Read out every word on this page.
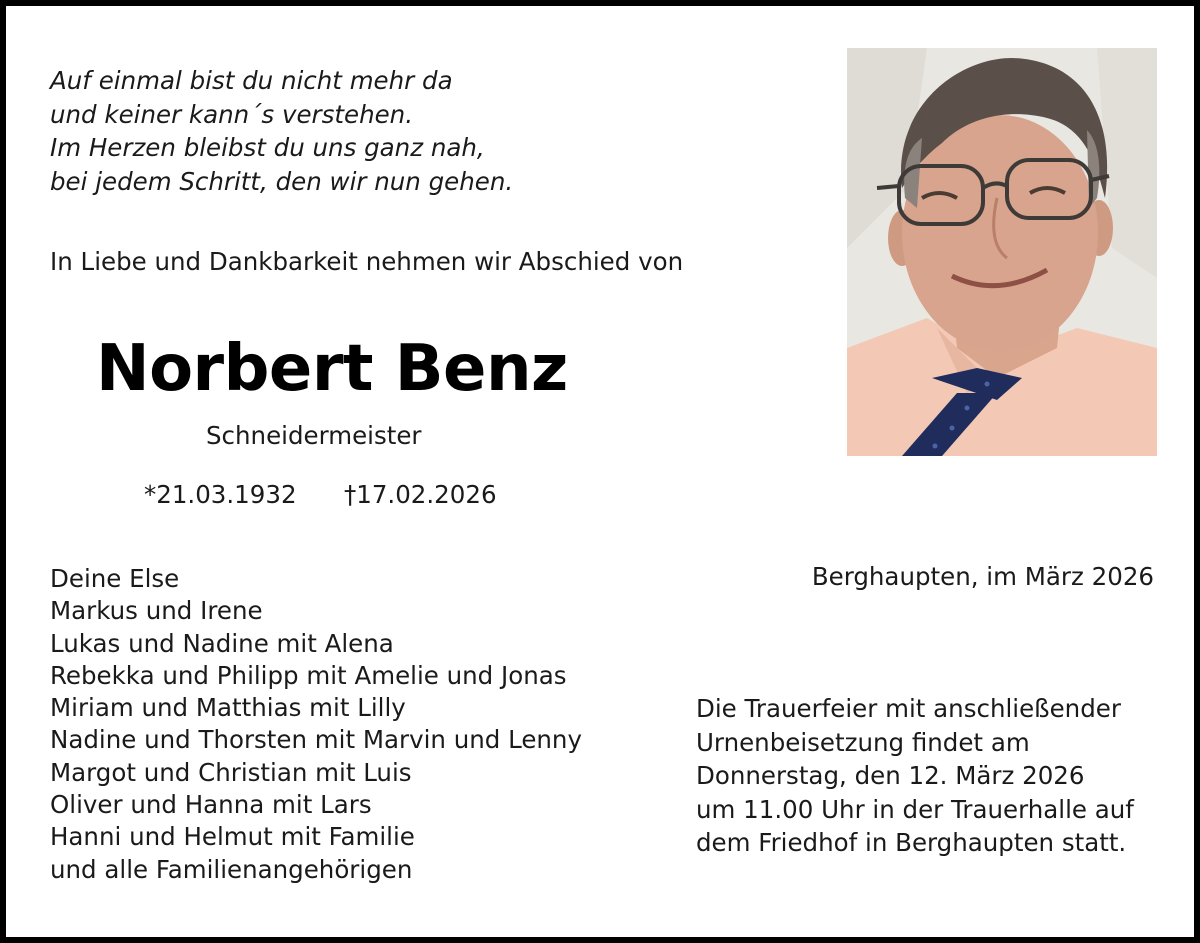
Auf einmal bist du nicht mehr da
und keiner kann´s verstehen.
Im Herzen bleibst du uns ganz nah,
bei jedem Schritt, den wir nun gehen.
In Liebe und Dankbarkeit nehmen wir Abschied von
Norbert Benz
Schneidermeister
*21.03.1932 †17.02.2026
Deine Else
Markus und Irene
Lukas und Nadine mit Alena
Rebekka und Philipp mit Amelie und Jonas
Miriam und Matthias mit Lilly
Nadine und Thorsten mit Marvin und Lenny
Margot und Christian mit Luis
Oliver und Hanna mit Lars
Hanni und Helmut mit Familie
und alle Familienangehörigen
Berghaupten, im März 2026
Die Trauerfeier mit anschließender
Urnenbeisetzung findet am
Donnerstag, den 12. März 2026
um 11.00 Uhr in der Trauerhalle auf
dem Friedhof in Berghaupten statt.
